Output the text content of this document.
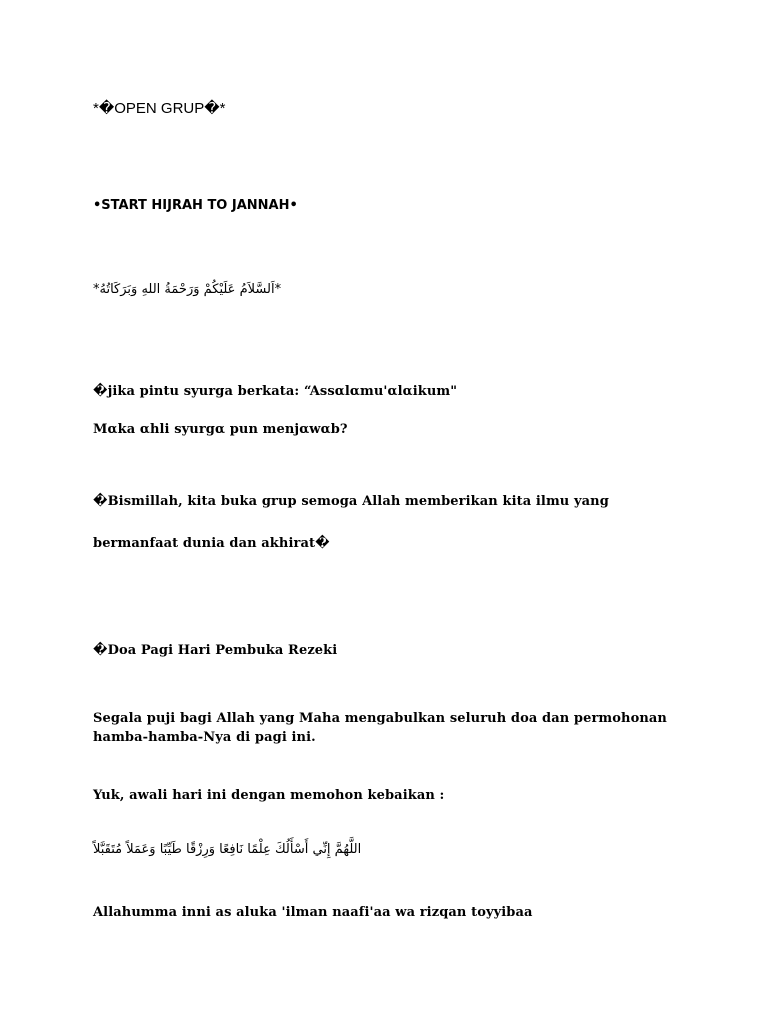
*�OPEN GRUP�*

•START HIJRAH TO JANNAH•

*اَلسَّلاَمُ عَلَيْكُمْ وَرَحْمَةُ اللهِ وَبَرَكَاتُهُ*

�jika pintu syurga berkata: “Assαlαmu'αlαikum"

Mαka αhli syurgα pun menjαwαb?

�Bismillah, kita buka grup semoga Allah memberikan kita ilmu yang

bermanfaat dunia dan akhirat�

�Doa Pagi Hari Pembuka Rezeki

Segala puji bagi Allah yang Maha mengabulkan seluruh doa dan permohonan

hamba-hamba-Nya di pagi ini.

Yuk, awali hari ini dengan memohon kebaikan :

اللَّهُمَّ إِنِّي أَسْأَلُكَ عِلْمًا نَافِعًا وَرِزْقًا طَيِّبًا وَعَمَلاً مُتَقَبَّلاً

Allahumma inni as aluka 'ilman naafi'aa wa rizqan toyyibaa
